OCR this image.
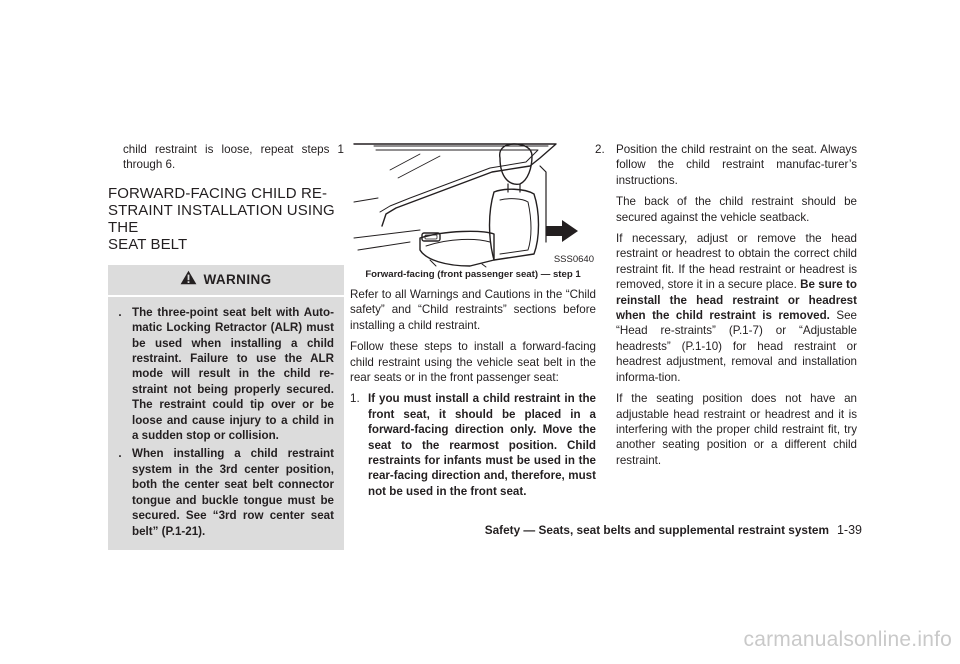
child restraint is loose, repeat steps 1 through 6.

FORWARD-FACING CHILD RE-
STRAINT INSTALLATION USING THE
SEAT BELT
WARNING
. The three-point seat belt with Auto-matic Locking Retractor (ALR) must be used when installing a child restraint. Failure to use the ALR mode will result in the child re-straint not being properly secured. The restraint could tip over or be loose and cause injury to a child in a sudden stop or collision.
. When installing a child restraint system in the 3rd center position, both the center seat belt connector tongue and buckle tongue must be secured. See “3rd row center seat belt” (P.1-21).
SSS0640
Forward-facing (front passenger seat) — step 1

Refer to all Warnings and Cautions in the “Child safety” and “Child restraints” sections before installing a child restraint.

Follow these steps to install a forward-facing child restraint using the vehicle seat belt in the rear seats or in the front passenger seat:

1. If you must install a child restraint in the front seat, it should be placed in a forward-facing direction only. Move the seat to the rearmost position. Child restraints for infants must be used in the rear-facing direction and, therefore, must not be used in the front seat.
2. Position the child restraint on the seat. Always follow the child restraint manufac-turer’s instructions.

The back of the child restraint should be secured against the vehicle seatback.

If necessary, adjust or remove the head restraint or headrest to obtain the correct child restraint fit. If the head restraint or headrest is removed, store it in a secure place. Be sure to reinstall the head restraint or headrest when the child restraint is removed. See “Head re-straints” (P.1-7) or “Adjustable headrests” (P.1-10) for head restraint or headrest adjustment, removal and installation informa-tion.

If the seating position does not have an adjustable head restraint or headrest and it is interfering with the proper child restraint fit, try another seating position or a different child restraint.

Safety — Seats, seat belts and supplemental restraint system 1-39
carmanualsonline.info
